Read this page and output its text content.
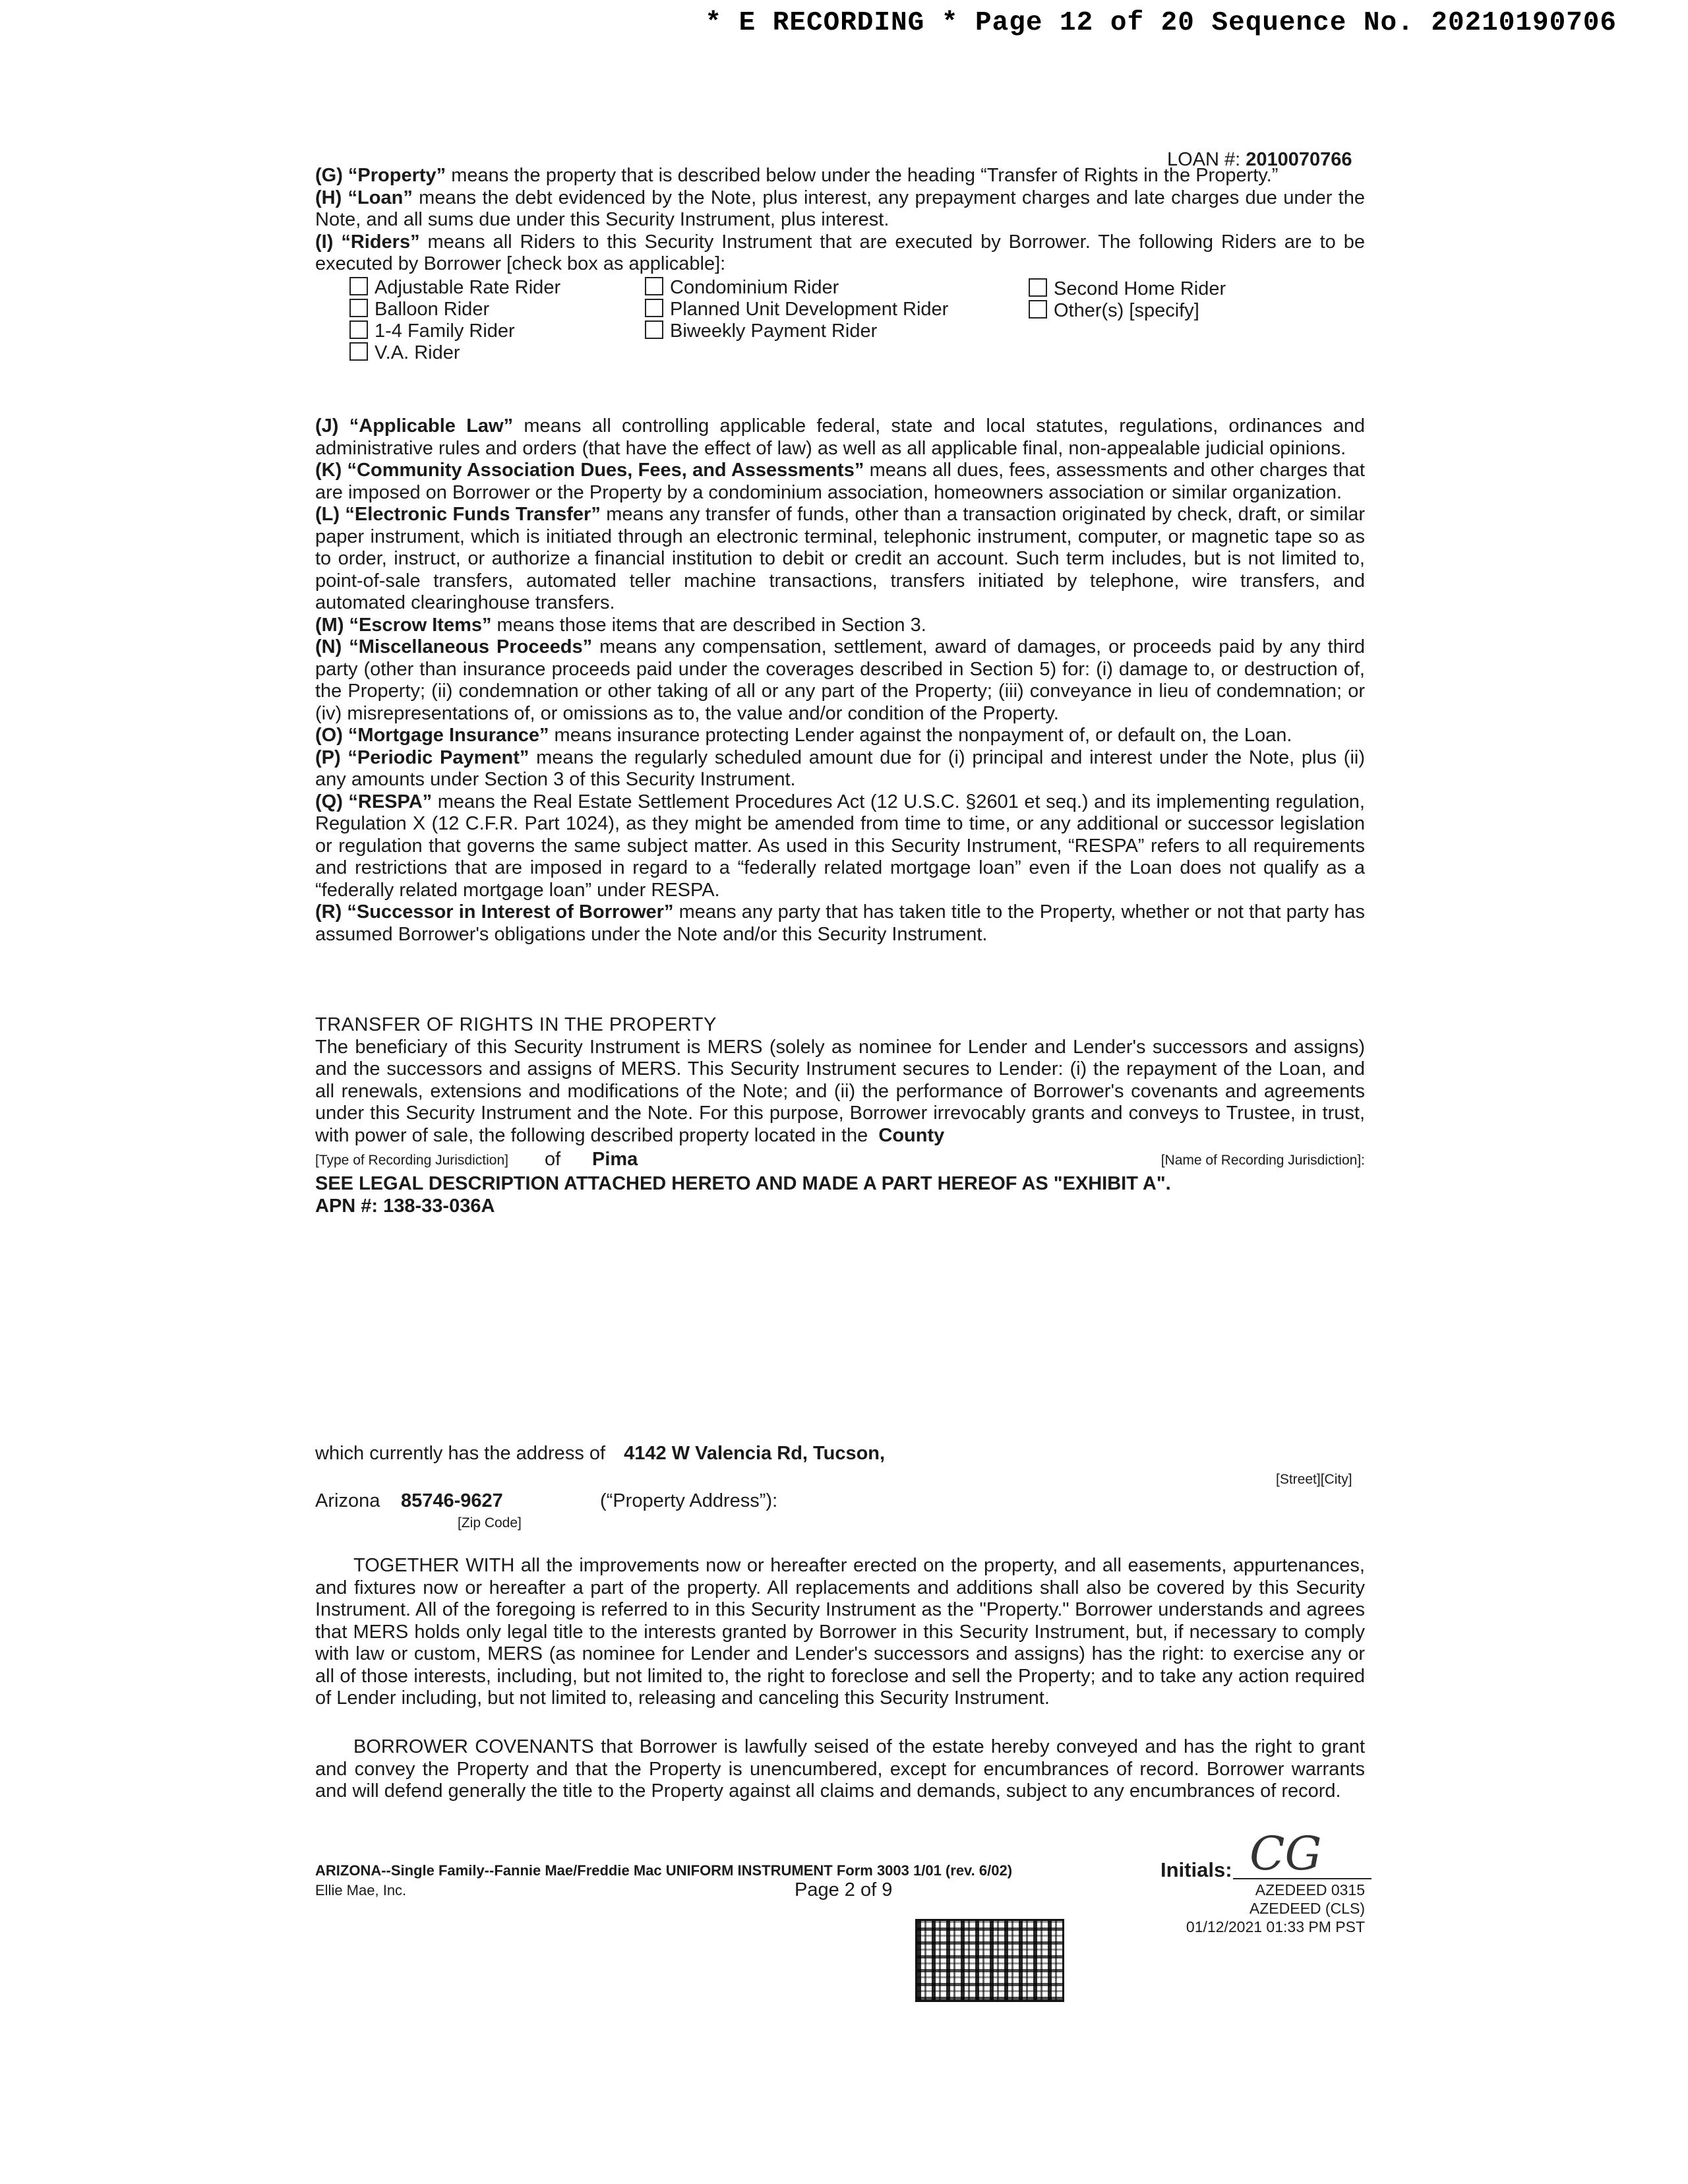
* E RECORDING * Page 12 of 20 Sequence No. 20210190706
LOAN #: 2010070766

(G) “Property” means the property that is described below under the heading “Transfer of Rights in the Property.”

(H) “Loan” means the debt evidenced by the Note, plus interest, any prepayment charges and late charges due under the Note, and all sums due under this Security Instrument, plus interest.

(I) “Riders” means all Riders to this Security Instrument that are executed by Borrower. The following Riders are to be executed by Borrower [check box as applicable]:

Adjustable Rate Rider
Balloon Rider
1-4 Family Rider
V.A. Rider
Condominium Rider
Planned Unit Development Rider
Biweekly Payment Rider
Second Home Rider
Other(s) [specify]

(J) “Applicable Law” means all controlling applicable federal, state and local statutes, regulations, ordinances and administrative rules and orders (that have the effect of law) as well as all applicable final, non-appealable judicial opinions.

(K) “Community Association Dues, Fees, and Assessments” means all dues, fees, assessments and other charges that are imposed on Borrower or the Property by a condominium association, homeowners association or similar organization.

(L) “Electronic Funds Transfer” means any transfer of funds, other than a transaction originated by check, draft, or similar paper instrument, which is initiated through an electronic terminal, telephonic instrument, computer, or magnetic tape so as to order, instruct, or authorize a financial institution to debit or credit an account. Such term includes, but is not limited to, point-of-sale transfers, automated teller machine transactions, transfers initiated by telephone, wire transfers, and automated clearinghouse transfers.

(M) “Escrow Items” means those items that are described in Section 3.

(N) “Miscellaneous Proceeds” means any compensation, settlement, award of damages, or proceeds paid by any third party (other than insurance proceeds paid under the coverages described in Section 5) for: (i) damage to, or destruction of, the Property; (ii) condemnation or other taking of all or any part of the Property; (iii) conveyance in lieu of condemnation; or (iv) misrepresentations of, or omissions as to, the value and/or condition of the Property.

(O) “Mortgage Insurance” means insurance protecting Lender against the nonpayment of, or default on, the Loan.

(P) “Periodic Payment” means the regularly scheduled amount due for (i) principal and interest under the Note, plus (ii) any amounts under Section 3 of this Security Instrument.

(Q) “RESPA” means the Real Estate Settlement Procedures Act (12 U.S.C. §2601 et seq.) and its implementing regulation, Regulation X (12 C.F.R. Part 1024), as they might be amended from time to time, or any additional or successor legislation or regulation that governs the same subject matter. As used in this Security Instrument, “RESPA” refers to all requirements and restrictions that are imposed in regard to a “federally related mortgage loan” even if the Loan does not qualify as a “federally related mortgage loan” under RESPA.

(R) “Successor in Interest of Borrower” means any party that has taken title to the Property, whether or not that party has assumed Borrower's obligations under the Note and/or this Security Instrument.

TRANSFER OF RIGHTS IN THE PROPERTY

The beneficiary of this Security Instrument is MERS (solely as nominee for Lender and Lender's successors and assigns) and the successors and assigns of MERS. This Security Instrument secures to Lender: (i) the repayment of the Loan, and all renewals, extensions and modifications of the Note; and (ii) the performance of Borrower's covenants and agreements under this Security Instrument and the Note. For this purpose, Borrower irrevocably grants and conveys to Trustee, in trust, with power of sale, the following described property located in the County

[Type of Recording Jurisdiction] of Pima	[Name of Recording Jurisdiction]:
SEE LEGAL DESCRIPTION ATTACHED HERETO AND MADE A PART HEREOF AS "EXHIBIT A".
APN #: 138-33-036A
which currently has the address of 4142 W Valencia Rd, Tucson,
[Street][City]
Arizona 85746-9627	(“Property Address”):
[Zip Code]

TOGETHER WITH all the improvements now or hereafter erected on the property, and all easements, appurtenances, and fixtures now or hereafter a part of the property. All replacements and additions shall also be covered by this Security Instrument. All of the foregoing is referred to in this Security Instrument as the "Property." Borrower understands and agrees that MERS holds only legal title to the interests granted by Borrower in this Security Instrument, but, if necessary to comply with law or custom, MERS (as nominee for Lender and Lender's successors and assigns) has the right: to exercise any or all of those interests, including, but not limited to, the right to foreclose and sell the Property; and to take any action required of Lender including, but not limited to, releasing and canceling this Security Instrument.

BORROWER COVENANTS that Borrower is lawfully seised of the estate hereby conveyed and has the right to grant and convey the Property and that the Property is unencumbered, except for encumbrances of record. Borrower warrants and will defend generally the title to the Property against all claims and demands, subject to any encumbrances of record.

ARIZONA--Single Family--Fannie Mae/Freddie Mac UNIFORM INSTRUMENT Form 3003 1/01 (rev. 6/02)
Ellie Mae, Inc.	Page 2 of 9
Initials: CG
AZEDEED 0315
AZEDEED (CLS)
01/12/2021 01:33 PM PST
